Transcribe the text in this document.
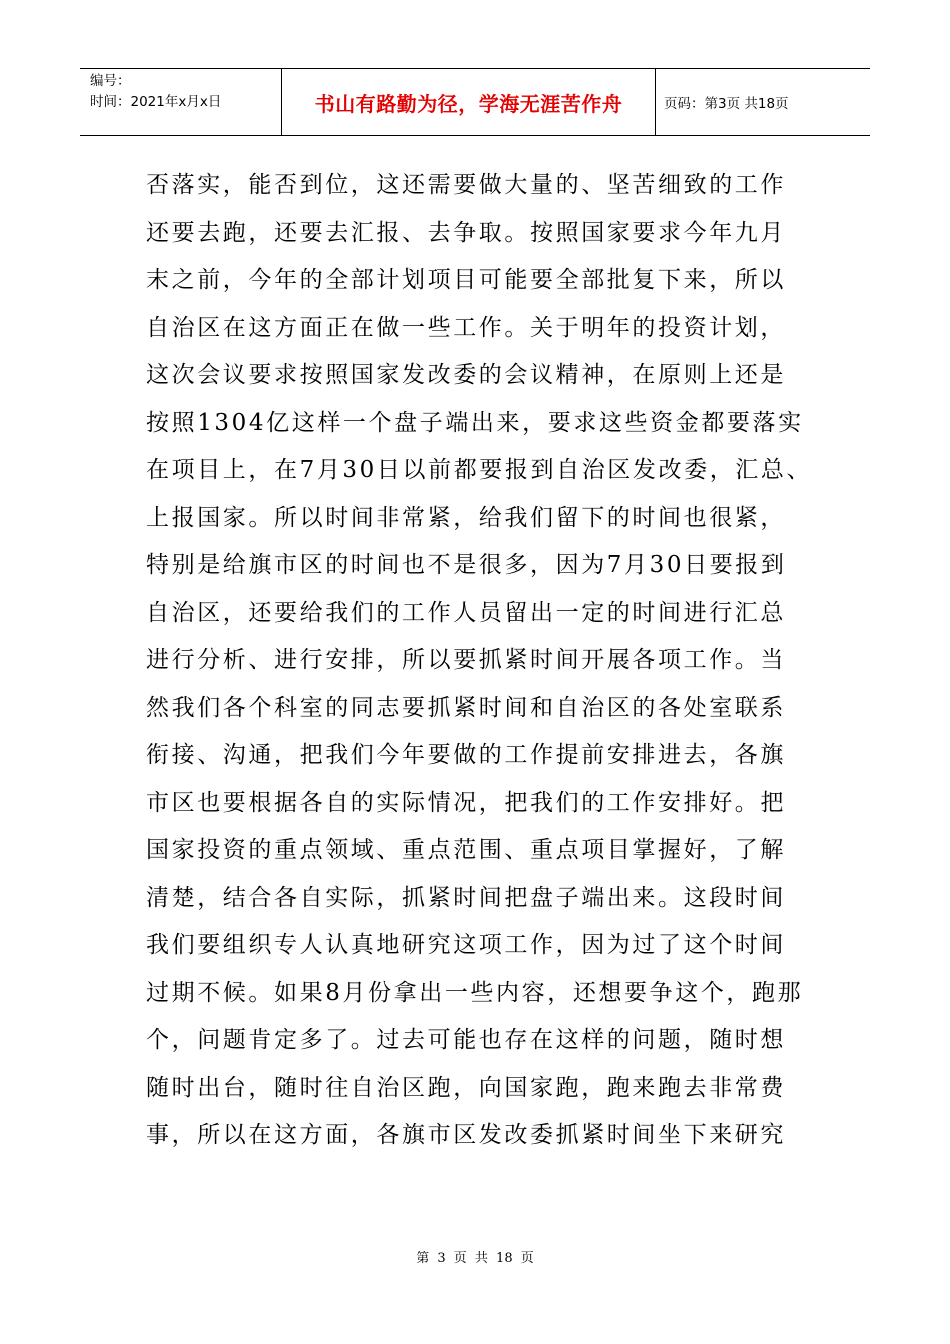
编号：
时间：2021年x月x日	书山有路勤为径，学海无涯苦作舟	页码：第3页 共18页
否落实，能否到位，这还需要做大量的、坚苦细致的工作
还要去跑，还要去汇报、去争取。按照国家要求今年九月
末之前，今年的全部计划项目可能要全部批复下来，所以
自治区在这方面正在做一些工作。关于明年的投资计划，
这次会议要求按照国家发改委的会议精神，在原则上还是
按照1304亿这样一个盘子端出来，要求这些资金都要落实
在项目上，在7月30日以前都要报到自治区发改委，汇总、
上报国家。所以时间非常紧，给我们留下的时间也很紧，
特别是给旗市区的时间也不是很多，因为7月30日要报到
自治区，还要给我们的工作人员留出一定的时间进行汇总
进行分析、进行安排，所以要抓紧时间开展各项工作。当
然我们各个科室的同志要抓紧时间和自治区的各处室联系
衔接、沟通，把我们今年要做的工作提前安排进去，各旗
市区也要根据各自的实际情况，把我们的工作安排好。把
国家投资的重点领域、重点范围、重点项目掌握好，了解
清楚，结合各自实际，抓紧时间把盘子端出来。这段时间
我们要组织专人认真地研究这项工作，因为过了这个时间
过期不候。如果8月份拿出一些内容，还想要争这个，跑那
个，问题肯定多了。过去可能也存在这样的问题，随时想
随时出台，随时往自治区跑，向国家跑，跑来跑去非常费
事，所以在这方面，各旗市区发改委抓紧时间坐下来研究
第 3 页 共 18 页
